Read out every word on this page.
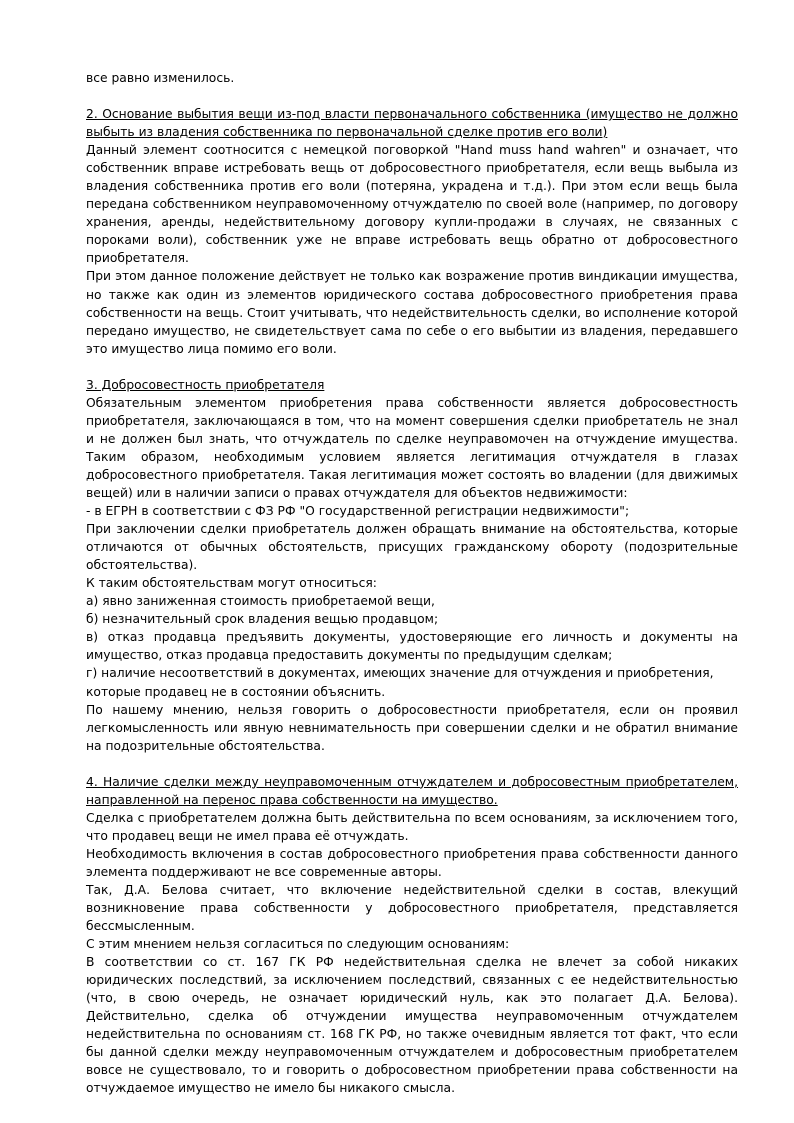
все равно изменилось.

2. Основание выбытия вещи из-под власти первоначального собственника (имущество не должно выбыть из владения собственника по первоначальной сделке против его воли)

Данный элемент соотносится с немецкой поговоркой "Hand muss hand wahren" и означает, что собственник вправе истребовать вещь от добросовестного приобретателя, если вещь выбыла из владения собственника против его воли (потеряна, украдена и т.д.). При этом если вещь была передана собственником неуправомоченному отчуждателю по своей воле (например, по договору хранения, аренды, недействительному договору купли-продажи в случаях, не связанных с пороками воли), собственник уже не вправе истребовать вещь обратно от добросовестного приобретателя.

При этом данное положение действует не только как возражение против виндикации имущества, но также как один из элементов юридического состава добросовестного приобретения права собственности на вещь. Стоит учитывать, что недействительность сделки, во исполнение которой передано имущество, не свидетельствует сама по себе о его выбытии из владения, передавшего это имущество лица помимо его воли.

3. Добросовестность приобретателя

Обязательным элементом приобретения права собственности является добросовестность приобретателя, заключающаяся в том, что на момент совершения сделки приобретатель не знал и не должен был знать, что отчуждатель по сделке неуправомочен на отчуждение имущества. Таким образом, необходимым условием является легитимация отчуждателя в глазах добросовестного приобретателя. Такая легитимация может состоять во владении (для движимых вещей) или в наличии записи о правах отчуждателя для объектов недвижимости:

- в ЕГРН в соответствии с ФЗ РФ "О государственной регистрации недвижимости";

При заключении сделки приобретатель должен обращать внимание на обстоятельства, которые отличаются от обычных обстоятельств, присущих гражданскому обороту (подозрительные обстоятельства).

К таким обстоятельствам могут относиться:

а) явно заниженная стоимость приобретаемой вещи,

б) незначительный срок владения вещью продавцом;

в) отказ продавца предъявить документы, удостоверяющие его личность и документы на имущество, отказ продавца предоставить документы по предыдущим сделкам;

г) наличие несоответствий в документах, имеющих значение для отчуждения и приобретения, которые продавец не в состоянии объяснить.

По нашему мнению, нельзя говорить о добросовестности приобретателя, если он проявил легкомысленность или явную невнимательность при совершении сделки и не обратил внимание на подозрительные обстоятельства.

4. Наличие сделки между неуправомоченным отчуждателем и добросовестным приобретателем, направленной на перенос права собственности на имущество.

Сделка с приобретателем должна быть действительна по всем основаниям, за исключением того, что продавец вещи не имел права её отчуждать.

Необходимость включения в состав добросовестного приобретения права собственности данного элемента поддерживают не все современные авторы.

Так, Д.А. Белова считает, что включение недействительной сделки в состав, влекущий возникновение права собственности у добросовестного приобретателя, представляется бессмысленным.

С этим мнением нельзя согласиться по следующим основаниям:

В соответствии со ст. 167 ГК РФ недействительная сделка не влечет за собой никаких юридических последствий, за исключением последствий, связанных с ее недействительностью (что, в свою очередь, не означает юридический нуль, как это полагает Д.А. Белова). Действительно, сделка об отчуждении имущества неуправомоченным отчуждателем недействительна по основаниям ст. 168 ГК РФ, но также очевидным является тот факт, что если бы данной сделки между неуправомоченным отчуждателем и добросовестным приобретателем вовсе не существовало, то и говорить о добросовестном приобретении права собственности на отчуждаемое имущество не имело бы никакого смысла.
